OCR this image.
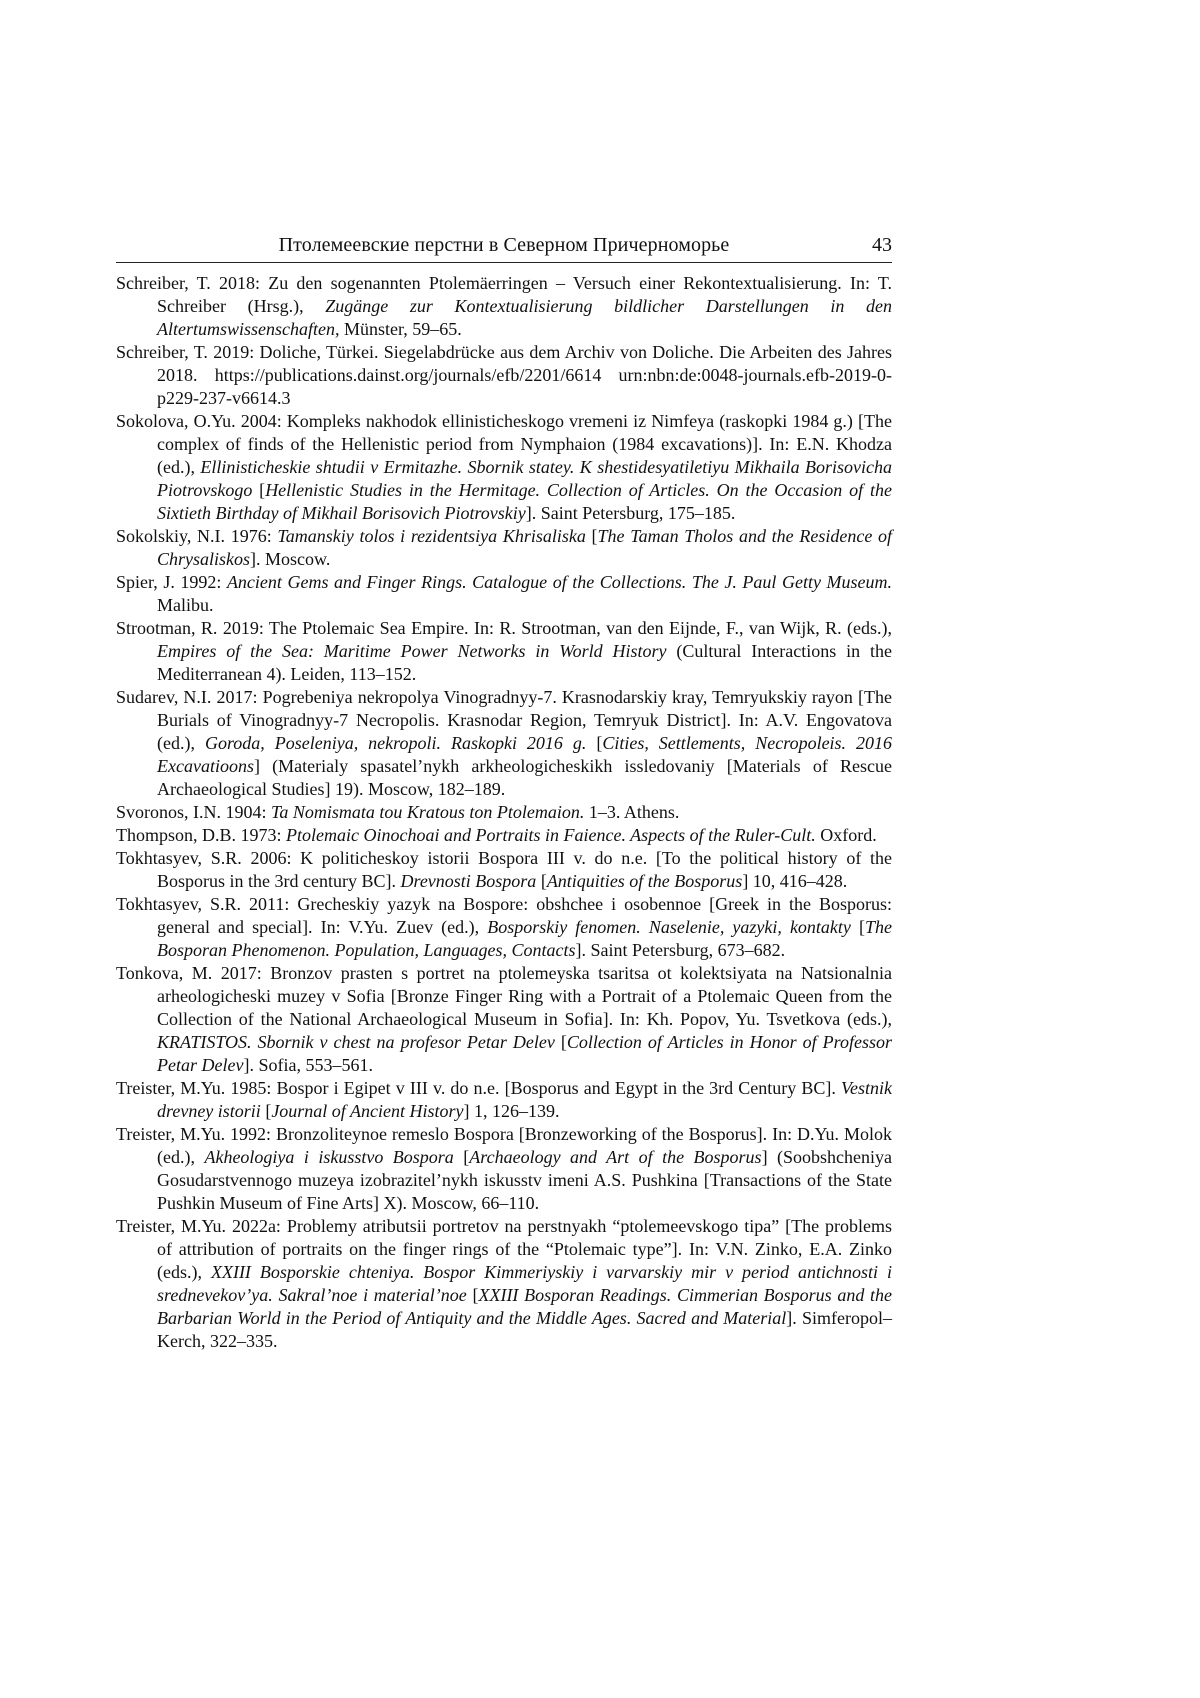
Птолемеевские перстни в Северном Причерноморье	43

Schreiber, T. 2018: Zu den sogenannten Ptolemäerringen – Versuch einer Rekontextualisierung. In: T. Schreiber (Hrsg.), Zugänge zur Kontextualisierung bildlicher Darstellungen in den Altertumswissenschaften, Münster, 59–65.

Schreiber, T. 2019: Doliche, Türkei. Siegelabdrücke aus dem Archiv von Doliche. Die Arbeiten des Jahres 2018. https://publications.dainst.org/journals/efb/2201/6614 urn:nbn:de:0048-journals.efb-2019-0-p229-237-v6614.3

Sokolova, O.Yu. 2004: Kompleks nakhodok ellinisticheskogo vremeni iz Nimfeya (raskopki 1984 g.) [The complex of finds of the Hellenistic period from Nymphaion (1984 excavations)]. In: E.N. Khodza (ed.), Ellinisticheskie shtudii v Ermitazhe. Sbornik statey. K shestidesyatiletiyu Mikhaila Borisovicha Piotrovskogo [Hellenistic Studies in the Hermitage. Collection of Articles. On the Occasion of the Sixtieth Birthday of Mikhail Borisovich Piotrovskiy]. Saint Petersburg, 175–185.

Sokolskiy, N.I. 1976: Tamanskiy tolos i rezidentsiya Khrisaliska [The Taman Tholos and the Residence of Chrysaliskos]. Moscow.

Spier, J. 1992: Ancient Gems and Finger Rings. Catalogue of the Collections. The J. Paul Getty Museum. Malibu.

Strootman, R. 2019: The Ptolemaic Sea Empire. In: R. Strootman, van den Eijnde, F., van Wijk, R. (eds.), Empires of the Sea: Maritime Power Networks in World History (Cultural Interactions in the Mediterranean 4). Leiden, 113–152.

Sudarev, N.I. 2017: Pogrebeniya nekropolya Vinogradnyy-7. Krasnodarskiy kray, Temryukskiy rayon [The Burials of Vinogradnyy-7 Necropolis. Krasnodar Region, Temryuk District]. In: A.V. Engovatova (ed.), Goroda, Poseleniya, nekropoli. Raskopki 2016 g. [Cities, Settlements, Necropoleis. 2016 Excavatioons] (Materialy spasatel’nykh arkheologicheskikh issledovaniy [Materials of Rescue Archaeological Studies] 19). Moscow, 182–189.

Svoronos, I.N. 1904: Ta Nomismata tou Kratous ton Ptolemaion. 1–3. Athens.

Thompson, D.B. 1973: Ptolemaic Oinochoai and Portraits in Faience. Aspects of the Ruler-Cult. Oxford.

Tokhtasyev, S.R. 2006: K politicheskoy istorii Bospora III v. do n.e. [To the political history of the Bosporus in the 3rd century BC]. Drevnosti Bospora [Antiquities of the Bosporus] 10, 416–428.

Tokhtasyev, S.R. 2011: Grecheskiy yazyk na Bospore: obshchee i osobennoe [Greek in the Bosporus: general and special]. In: V.Yu. Zuev (ed.), Bosporskiy fenomen. Naselenie, yazyki, kontakty [The Bosporan Phenomenon. Population, Languages, Contacts]. Saint Petersburg, 673–682.

Tonkova, M. 2017: Bronzov prasten s portret na ptolemeyska tsaritsa ot kolektsiyata na Natsionalnia arheologicheski muzey v Sofia [Bronze Finger Ring with a Portrait of a Ptolemaic Queen from the Collection of the National Archaeological Museum in Sofia]. In: Kh. Popov, Yu. Tsvetkova (eds.), KRATISTOS. Sbornik v chest na profesor Petar Delev [Collection of Articles in Honor of Professor Petar Delev]. Sofia, 553–561.

Treister, M.Yu. 1985: Bospor i Egipet v III v. do n.e. [Bosporus and Egypt in the 3rd Century BC]. Vestnik drevney istorii [Journal of Ancient History] 1, 126–139.

Treister, M.Yu. 1992: Bronzoliteynoe remeslo Bospora [Bronzeworking of the Bosporus]. In: D.Yu. Molok (ed.), Akheologiya i iskusstvo Bospora [Archaeology and Art of the Bosporus] (Soobshcheniya Gosudarstvennogo muzeya izobrazitel’nykh iskusstv imeni A.S. Pushkina [Transactions of the State Pushkin Museum of Fine Arts] X). Moscow, 66–110.

Treister, M.Yu. 2022a: Problemy atributsii portretov na perstnyakh “ptolemeevskogo tipa” [The problems of attribution of portraits on the finger rings of the “Ptolemaic type”]. In: V.N. Zinko, E.A. Zinko (eds.), XXIII Bosporskie chteniya. Bospor Kimmeriyskiy i varvarskiy mir v period antichnosti i srednevekov’ya. Sakral’noe i material’noe [XXIII Bosporan Readings. Cimmerian Bosporus and the Barbarian World in the Period of Antiquity and the Middle Ages. Sacred and Material]. Simferopol–Kerch, 322–335.
